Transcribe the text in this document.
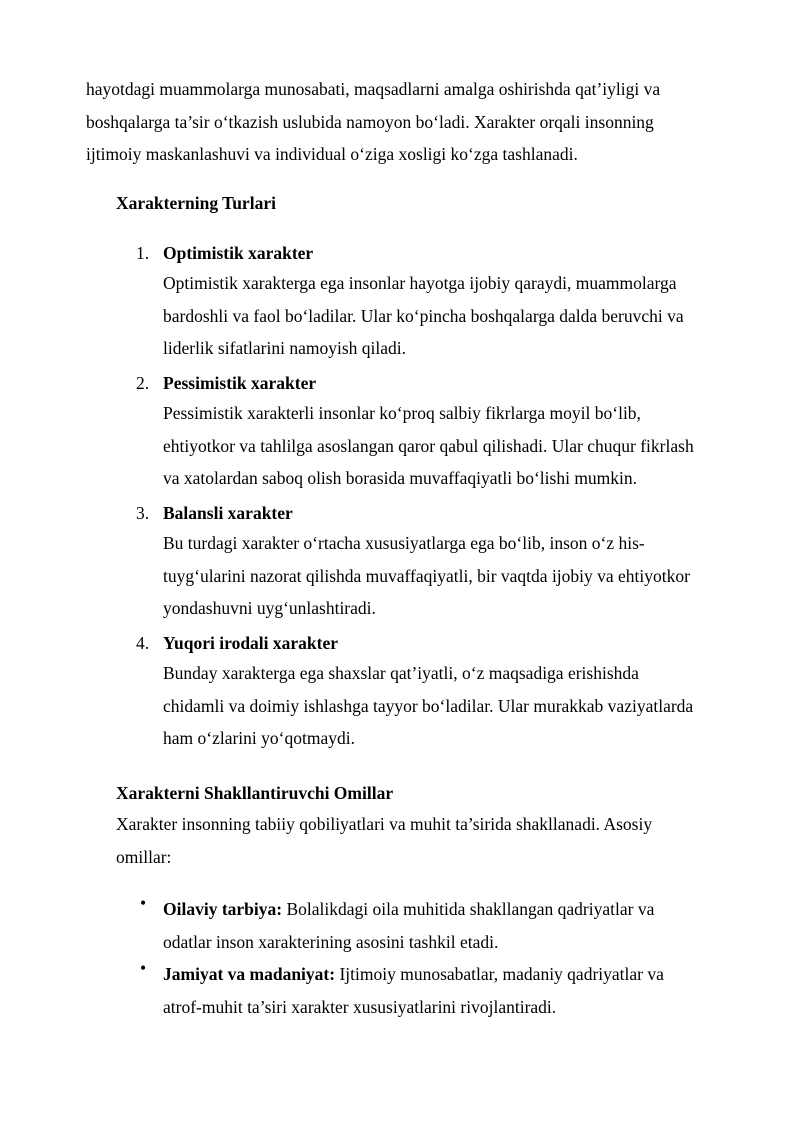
hayotdagi muammolarga munosabati, maqsadlarni amalga oshirishda qat’iyligi va
boshqalarga ta’sir o‘tkazish uslubida namoyon bo‘ladi. Xarakter orqali insonning
ijtimoiy maskanlashuvi va individual o‘ziga xosligi ko‘zga tashlanadi.

Xarakterning Turlari
1. Optimistik xarakter
Optimistik xarakterga ega insonlar hayotga ijobiy qaraydi, muammolarga
bardoshli va faol bo‘ladilar. Ular ko‘pincha boshqalarga dalda beruvchi va
liderlik sifatlarini namoyish qiladi.
2. Pessimistik xarakter
Pessimistik xarakterli insonlar ko‘proq salbiy fikrlarga moyil bo‘lib,
ehtiyotkor va tahlilga asoslangan qaror qabul qilishadi. Ular chuqur fikrlash
va xatolardan saboq olish borasida muvaffaqiyatli bo‘lishi mumkin.
3. Balansli xarakter
Bu turdagi xarakter o‘rtacha xususiyatlarga ega bo‘lib, inson o‘z his-
tuyg‘ularini nazorat qilishda muvaffaqiyatli, bir vaqtda ijobiy va ehtiyotkor
yondashuvni uyg‘unlashtiradi.
4. Yuqori irodali xarakter
Bunday xarakterga ega shaxslar qat’iyatli, o‘z maqsadiga erishishda
chidamli va doimiy ishlashga tayyor bo‘ladilar. Ular murakkab vaziyatlarda
ham o‘zlarini yo‘qotmaydi.
Xarakterni Shakllantiruvchi Omillar
Xarakter insonning tabiiy qobiliyatlari va muhit ta’sirida shakllanadi. Asosiy
omillar:
• Oilaviy tarbiya: Bolalikdagi oila muhitida shakllangan qadriyatlar va
odatlar inson xarakterining asosini tashkil etadi.
• Jamiyat va madaniyat: Ijtimoiy munosabatlar, madaniy qadriyatlar va
atrof-muhit ta’siri xarakter xususiyatlarini rivojlantiradi.
